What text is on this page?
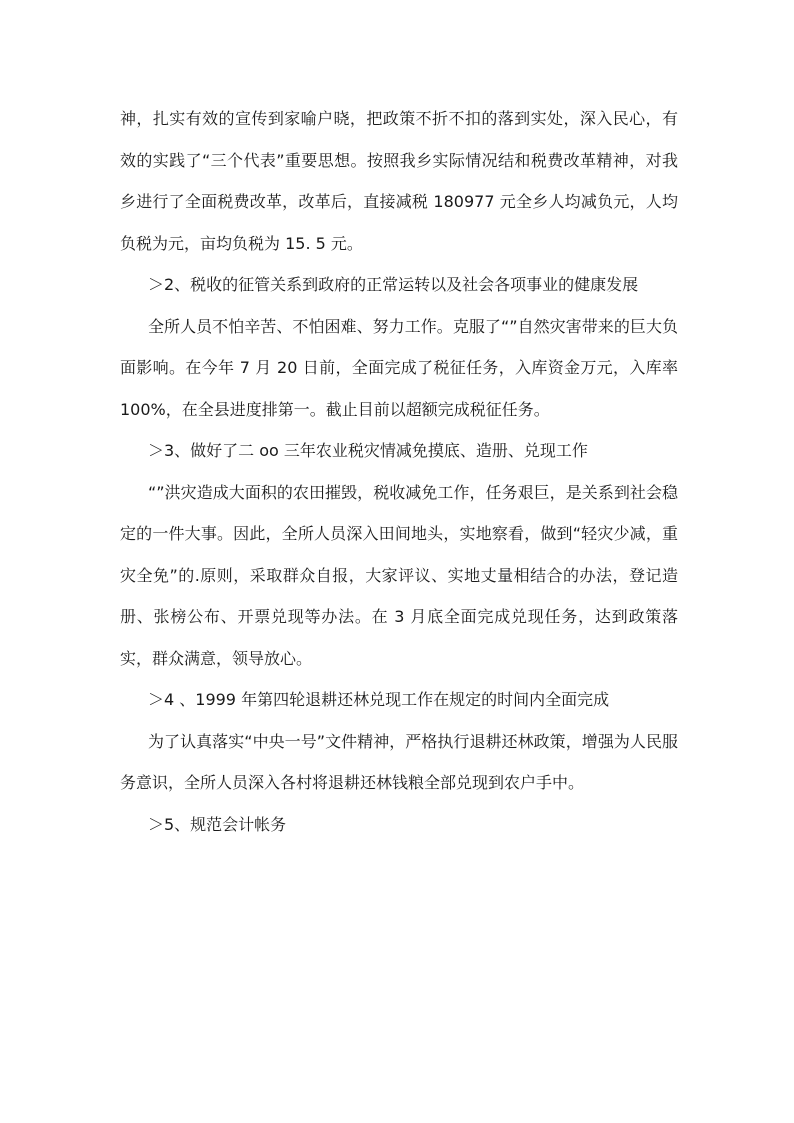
神，扎实有效的宣传到家喻户晓，把政策不折不扣的落到实处，深入民心，有效的实践了“三个代表”重要思想。按照我乡实际情况结和税费改革精神，对我乡进行了全面税费改革，改革后，直接减税 180977 元全乡人均减负元，人均负税为元，亩均负税为 15. 5 元。

＞2、税收的征管关系到政府的正常运转以及社会各项事业的健康发展

全所人员不怕辛苦、不怕困难、努力工作。克服了“”自然灾害带来的巨大负面影响。在今年 7 月 20 日前，全面完成了税征任务，入库资金万元，入库率 100%，在全县进度排第一。截止目前以超额完成税征任务。

＞3、做好了二 oo 三年农业税灾情减免摸底、造册、兑现工作

“”洪灾造成大面积的农田摧毁，税收减免工作，任务艰巨，是关系到社会稳定的一件大事。因此，全所人员深入田间地头，实地察看，做到“轻灾少减，重灾全免”的.原则，采取群众自报，大家评议、实地丈量相结合的办法，登记造册、张榜公布、开票兑现等办法。在 3 月底全面完成兑现任务，达到政策落实，群众满意，领导放心。

＞4 、1999 年第四轮退耕还林兑现工作在规定的时间内全面完成

为了认真落实“中央一号”文件精神，严格执行退耕还林政策，增强为人民服务意识，全所人员深入各村将退耕还林钱粮全部兑现到农户手中。

＞5、规范会计帐务
